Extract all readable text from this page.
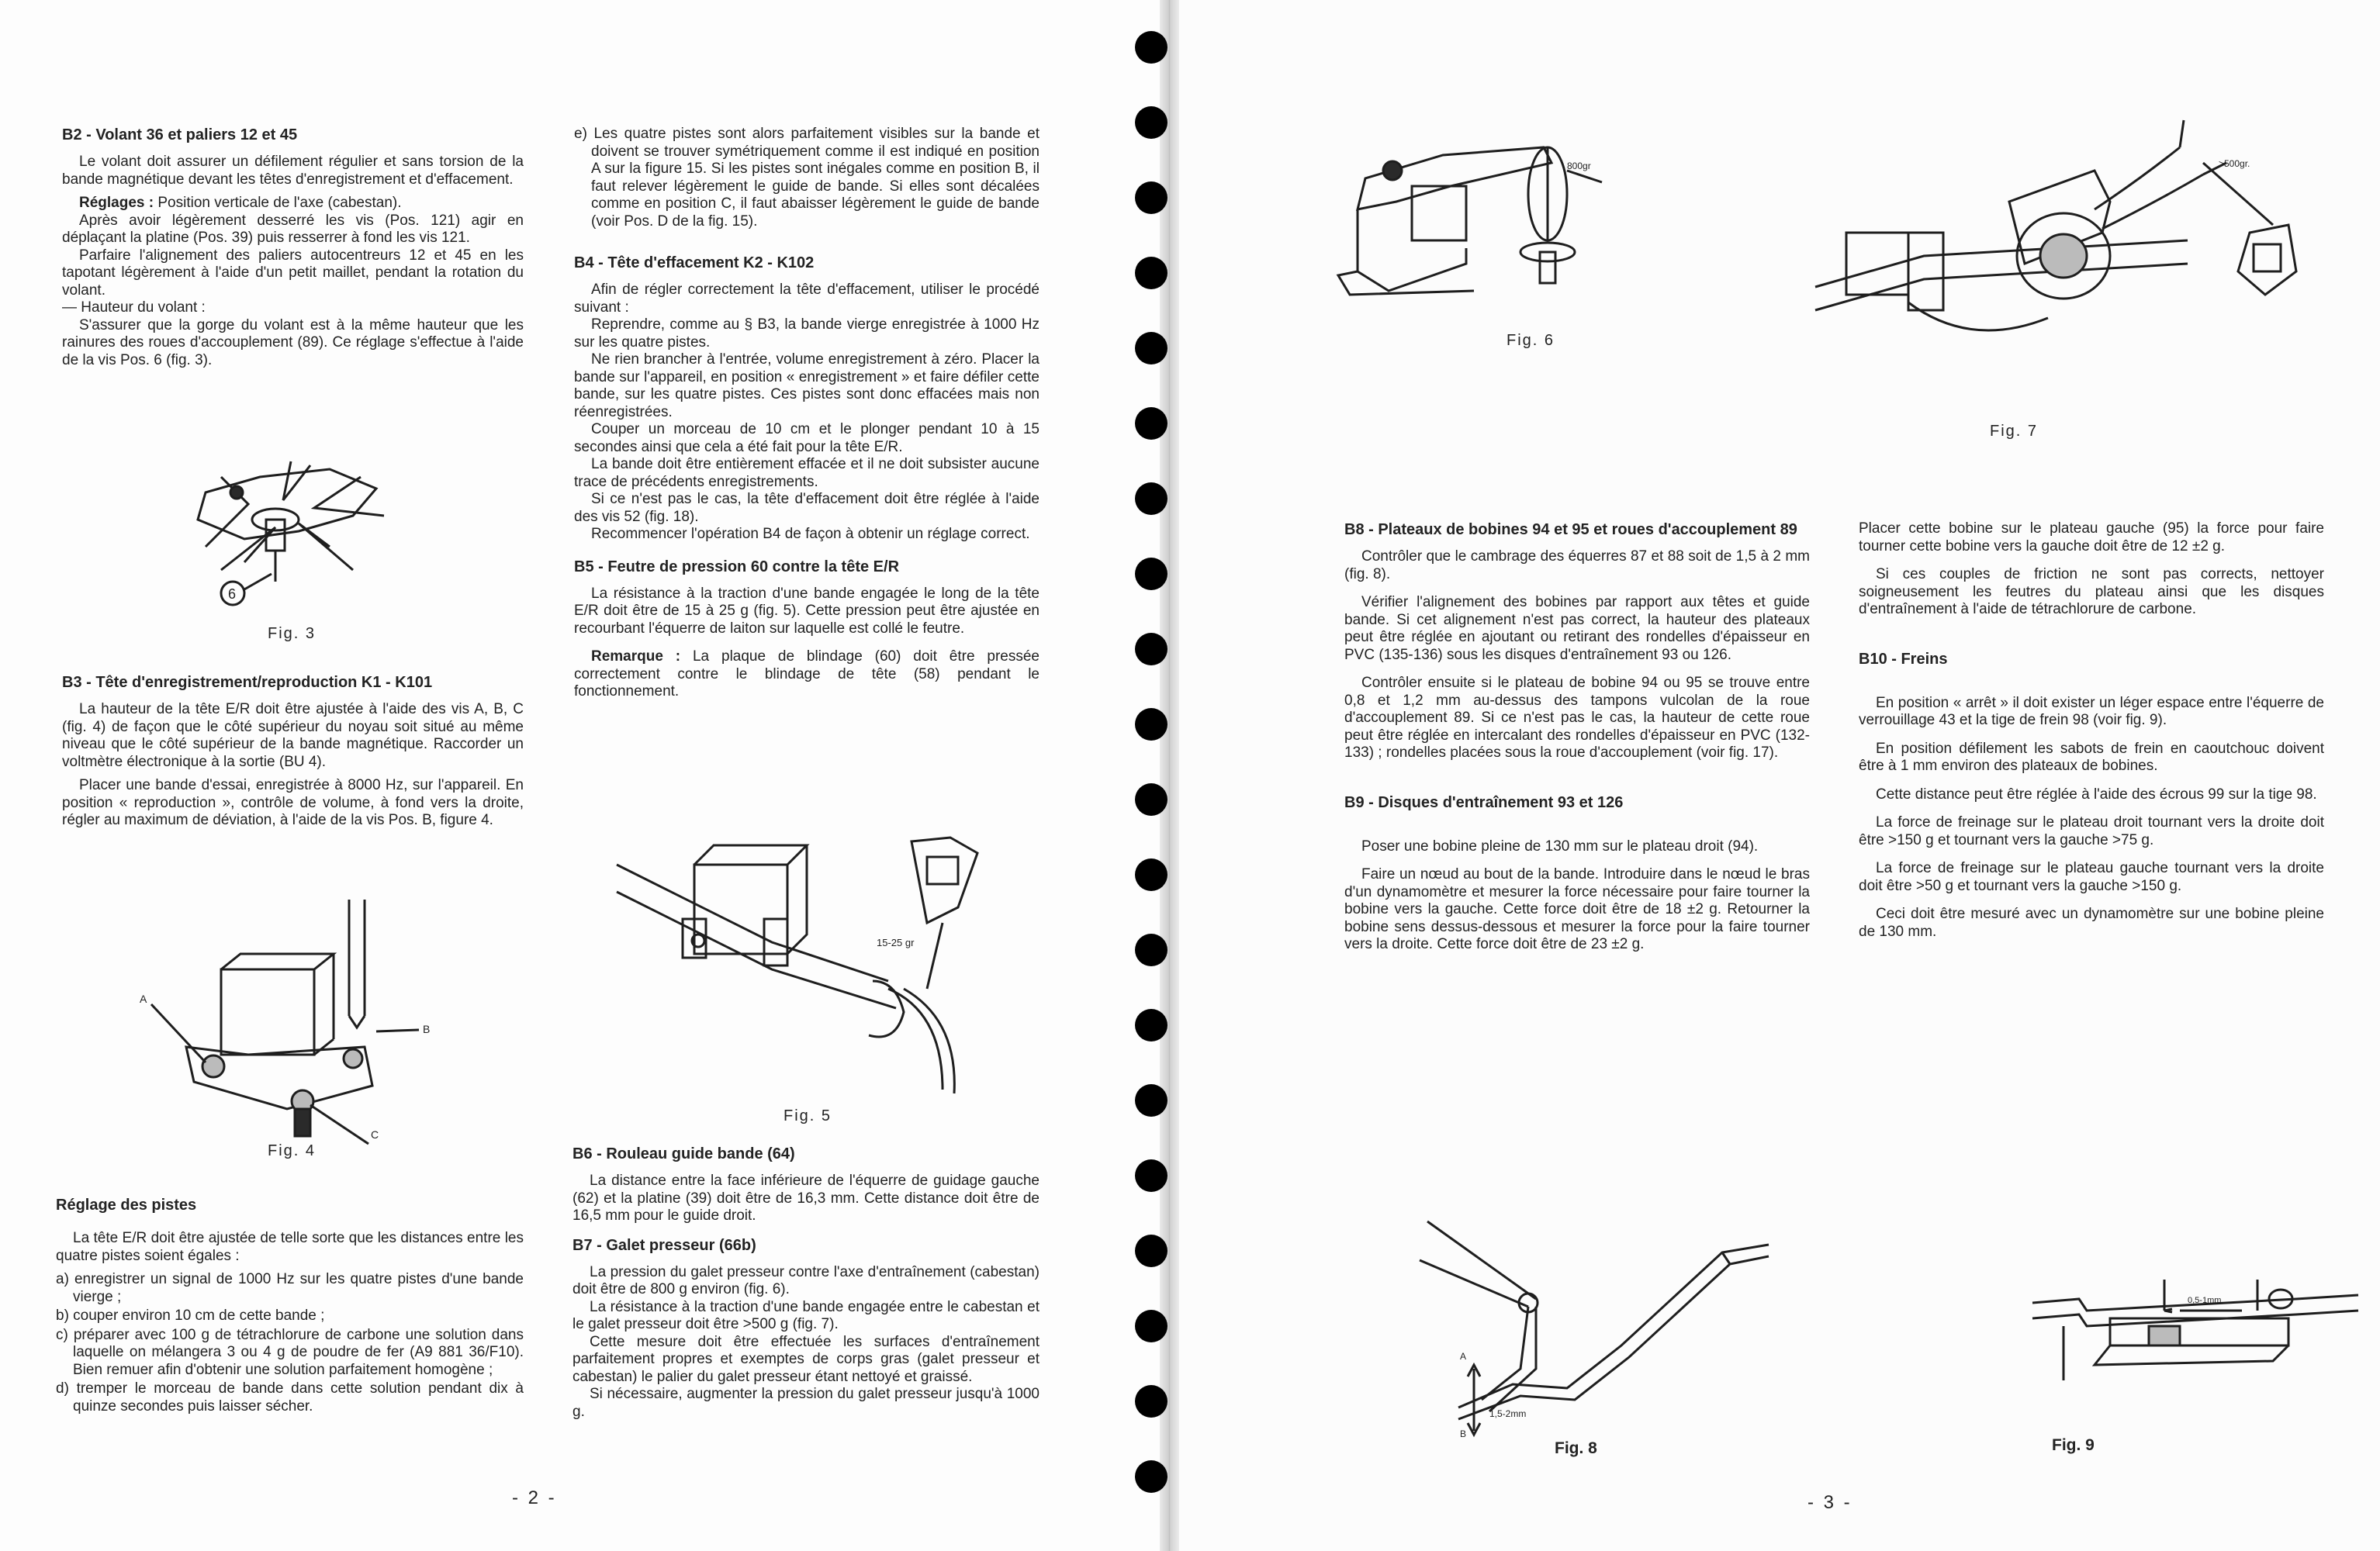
B2 - Volant 36 et paliers 12 et 45

Le volant doit assurer un défilement régulier et sans torsion de la bande magnétique devant les têtes d'enregistrement et d'effacement.

Réglages : Position verticale de l'axe (cabestan).

Après avoir légèrement desserré les vis (Pos. 121) agir en déplaçant la platine (Pos. 39) puis resserrer à fond les vis 121.

Parfaire l'alignement des paliers autocentreurs 12 et 45 en les tapotant légèrement à l'aide d'un petit maillet, pendant la rotation du volant.

— Hauteur du volant :

S'assurer que la gorge du volant est à la même hauteur que les rainures des roues d'accouplement (89). Ce réglage s'effectue à l'aide de la vis Pos. 6 (fig. 3).

6
Fig. 3
B3 - Tête d'enregistrement/reproduction K1 - K101

La hauteur de la tête E/R doit être ajustée à l'aide des vis A, B, C (fig. 4) de façon que le côté supérieur du noyau soit situé au même niveau que le côté supérieur de la bande magnétique. Raccorder un voltmètre électronique à la sortie (BU 4).

Placer une bande d'essai, enregistrée à 8000 Hz, sur l'appareil. En position « reproduction », contrôle de volume, à fond vers la droite, régler au maximum de déviation, à l'aide de la vis Pos. B, figure 4.

A
B
C
Fig. 4
Réglage des pistes

La tête E/R doit être ajustée de telle sorte que les distances entre les quatre pistes soient égales :

a) enregistrer un signal de 1000 Hz sur les quatre pistes d'une bande vierge ;

b) couper environ 10 cm de cette bande ;

c) préparer avec 100 g de tétrachlorure de carbone une solution dans laquelle on mélangera 3 ou 4 g de poudre de fer (A9 881 36/F10). Bien remuer afin d'obtenir une solution parfaitement homogène ;

d) tremper le morceau de bande dans cette solution pendant dix à quinze secondes puis laisser sécher.

e) Les quatre pistes sont alors parfaitement visibles sur la bande et doivent se trouver symétriquement comme il est indiqué en position A sur la figure 15. Si les pistes sont inégales comme en position B, il faut relever légèrement le guide de bande. Si elles sont décalées comme en position C, il faut abaisser légèrement le guide de bande (voir Pos. D de la fig. 15).

B4 - Tête d'effacement K2 - K102

Afin de régler correctement la tête d'effacement, utiliser le procédé suivant :

Reprendre, comme au § B3, la bande vierge enregistrée à 1000 Hz sur les quatre pistes.

Ne rien brancher à l'entrée, volume enregistrement à zéro. Placer la bande sur l'appareil, en position « enregistrement » et faire défiler cette bande, sur les quatre pistes. Ces pistes sont donc effacées mais non réenregistrées.

Couper un morceau de 10 cm et le plonger pendant 10 à 15 secondes ainsi que cela a été fait pour la tête E/R.

La bande doit être entièrement effacée et il ne doit subsister aucune trace de précédents enregistrements.

Si ce n'est pas le cas, la tête d'effacement doit être réglée à l'aide des vis 52 (fig. 18).

Recommencer l'opération B4 de façon à obtenir un réglage correct.

B5 - Feutre de pression 60 contre la tête E/R

La résistance à la traction d'une bande engagée le long de la tête E/R doit être de 15 à 25 g (fig. 5). Cette pression peut être ajustée en recourbant l'équerre de laiton sur laquelle est collé le feutre.

Remarque : La plaque de blindage (60) doit être pressée correctement contre le blindage de tête (58) pendant le fonctionnement.

15-25 gr
Fig. 5
B6 - Rouleau guide bande (64)

La distance entre la face inférieure de l'équerre de guidage gauche (62) et la platine (39) doit être de 16,3 mm. Cette distance doit être de 16,5 mm pour le guide droit.

B7 - Galet presseur (66b)

La pression du galet presseur contre l'axe d'entraînement (cabestan) doit être de 800 g environ (fig. 6).

La résistance à la traction d'une bande engagée entre le cabestan et le galet presseur doit être >500 g (fig. 7).

Cette mesure doit être effectuée les surfaces d'entraînement parfaitement propres et exemptes de corps gras (galet presseur et cabestan) le palier du galet presseur étant nettoyé et graissé.

Si nécessaire, augmenter la pression du galet presseur jusqu'à 1000 g.

- 2 -
800gr
Fig. 6
>500gr.
Fig. 7
B8 - Plateaux de bobines 94 et 95 et roues d'accouplement 89

Contrôler que le cambrage des équerres 87 et 88 soit de 1,5 à 2 mm (fig. 8).

Vérifier l'alignement des bobines par rapport aux têtes et guide bande. Si cet alignement n'est pas correct, la hauteur des plateaux peut être réglée en ajoutant ou retirant des rondelles d'épaisseur en PVC (135-136) sous les disques d'entraînement 93 ou 126.

Contrôler ensuite si le plateau de bobine 94 ou 95 se trouve entre 0,8 et 1,2 mm au-dessus des tampons vulcolan de la roue d'accouplement 89. Si ce n'est pas le cas, la hauteur de cette roue peut être réglée en intercalant des rondelles d'épaisseur en PVC (132-133) ; rondelles placées sous la roue d'accouplement (voir fig. 17).

B9 - Disques d'entraînement 93 et 126

Poser une bobine pleine de 130 mm sur le plateau droit (94).

Faire un nœud au bout de la bande. Introduire dans le nœud le bras d'un dynamomètre et mesurer la force nécessaire pour faire tourner la bobine vers la gauche. Cette force doit être de 18 ±2 g. Retourner la bobine sens dessus-dessous et mesurer la force pour la faire tourner vers la droite. Cette force doit être de 23 ±2 g.

Placer cette bobine sur le plateau gauche (95) la force pour faire tourner cette bobine vers la gauche doit être de 12 ±2 g.

Si ces couples de friction ne sont pas corrects, nettoyer soigneusement les feutres du plateau ainsi que les disques d'entraînement à l'aide de tétrachlorure de carbone.

B10 - Freins

En position « arrêt » il doit exister un léger espace entre l'équerre de verrouillage 43 et la tige de frein 98 (voir fig. 9).

En position défilement les sabots de frein en caoutchouc doivent être à 1 mm environ des plateaux de bobines.

Cette distance peut être réglée à l'aide des écrous 99 sur la tige 98.

La force de freinage sur le plateau droit tournant vers la droite doit être >150 g et tournant vers la gauche >75 g.

La force de freinage sur le plateau gauche tournant vers la droite doit être >50 g et tournant vers la gauche >150 g.

Ceci doit être mesuré avec un dynamomètre sur une bobine pleine de 130 mm.

A
B
1,5-2mm
Fig. 8
0,5-1mm
Fig. 9
- 3 -
